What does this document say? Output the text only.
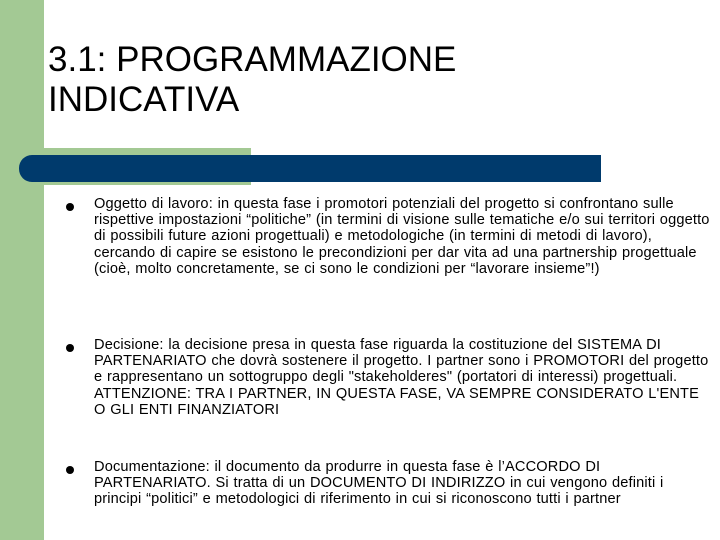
3.1: PROGRAMMAZIONE INDICATIVA

Oggetto di lavoro: in questa fase i promotori potenziali del progetto si confrontano sulle rispettive impostazioni “politiche” (in termini di visione sulle tematiche e/o sui territori oggetto di possibili future azioni progettuali) e metodologiche (in termini di metodi di lavoro), cercando di capire se esistono le precondizioni per dar vita ad una partnership progettuale (cioè, molto concretamente, se ci sono le condizioni per “lavorare insieme”!)

Decisione: la decisione presa in questa fase riguarda la costituzione del SISTEMA DI PARTENARIATO che dovrà sostenere il progetto. I partner sono i PROMOTORI del progetto e rappresentano un sottogruppo degli "stakeholderes" (portatori di interessi) progettuali. ATTENZIONE: TRA I PARTNER, IN QUESTA FASE, VA SEMPRE CONSIDERATO L'ENTE O GLI ENTI FINANZIATORI

Documentazione: il documento da produrre in questa fase è l’ACCORDO DI PARTENARIATO. Si tratta di un DOCUMENTO DI INDIRIZZO in cui vengono definiti i principi “politici” e metodologici di riferimento in cui si riconoscono tutti i partner
